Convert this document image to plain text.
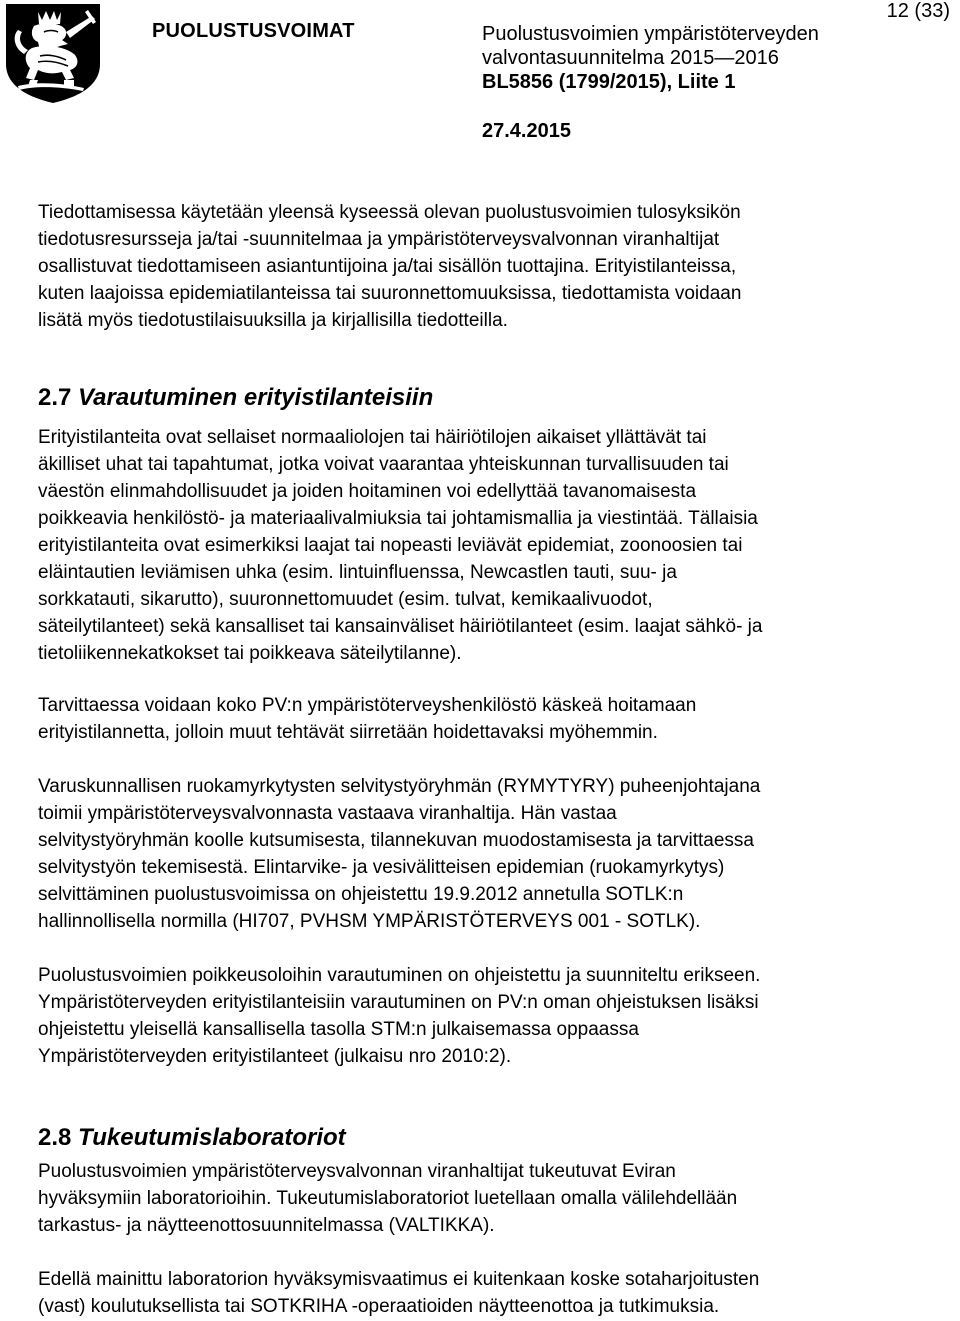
PUOLUSTUSVOIMAT	Puolustusvoimien ympäristöterveyden
valvontasuunnitelma 2015—2016
BL5856 (1799/2015), Liite 1
27.4.2015
12 (33)
Tiedottamisessa käytetään yleensä kyseessä olevan puolustusvoimien tulosyksikön
tiedotusresursseja ja/tai -suunnitelmaa ja ympäristöterveysvalvonnan viranhaltijat
osallistuvat tiedottamiseen asiantuntijoina ja/tai sisällön tuottajina. Erityistilanteissa,
kuten laajoissa epidemiatilanteissa tai suuronnettomuuksissa, tiedottamista voidaan
lisätä myös tiedotustilaisuuksilla ja kirjallisilla tiedotteilla.
2.7 Varautuminen erityistilanteisiin
Erityistilanteita ovat sellaiset normaaliolojen tai häiriötilojen aikaiset yllättävät tai
äkilliset uhat tai tapahtumat, jotka voivat vaarantaa yhteiskunnan turvallisuuden tai
väestön elinmahdollisuudet ja joiden hoitaminen voi edellyttää tavanomaisesta
poikkeavia henkilöstö- ja materiaalivalmiuksia tai johtamismallia ja viestintää. Tällaisia
erityistilanteita ovat esimerkiksi laajat tai nopeasti leviävät epidemiat, zoonoosien tai
eläintautien leviämisen uhka (esim. lintuinfluenssa, Newcastlen tauti, suu- ja
sorkkatauti, sikarutto), suuronnettomuudet (esim. tulvat, kemikaalivuodot,
säteilytilanteet) sekä kansalliset tai kansainväliset häiriötilanteet (esim. laajat sähkö- ja
tietoliikennekatkokset tai poikkeava säteilytilanne).
Tarvittaessa voidaan koko PV:n ympäristöterveyshenkilöstö käskeä hoitamaan
erityistilannetta, jolloin muut tehtävät siirretään hoidettavaksi myöhemmin.
Varuskunnallisen ruokamyrkytysten selvitystyöryhmän (RYMYTYRY) puheenjohtajana
toimii ympäristöterveysvalvonnasta vastaava viranhaltija. Hän vastaa
selvitystyöryhmän koolle kutsumisesta, tilannekuvan muodostamisesta ja tarvittaessa
selvitystyön tekemisestä. Elintarvike- ja vesivälitteisen epidemian (ruokamyrkytys)
selvittäminen puolustusvoimissa on ohjeistettu 19.9.2012 annetulla SOTLK:n
hallinnollisella normilla (HI707, PVHSM YMPÄRISTÖTERVEYS 001 - SOTLK).
Puolustusvoimien poikkeusoloihin varautuminen on ohjeistettu ja suunniteltu erikseen.
Ympäristöterveyden erityistilanteisiin varautuminen on PV:n oman ohjeistuksen lisäksi
ohjeistettu yleisellä kansallisella tasolla STM:n julkaisemassa oppaassa
Ympäristöterveyden erityistilanteet (julkaisu nro 2010:2).
2.8 Tukeutumislaboratoriot
Puolustusvoimien ympäristöterveysvalvonnan viranhaltijat tukeutuvat Eviran
hyväksymiin laboratorioihin. Tukeutumislaboratoriot luetellaan omalla välilehdellään
tarkastus- ja näytteenottosuunnitelmassa (VALTIKKA).
Edellä mainittu laboratorion hyväksymisvaatimus ei kuitenkaan koske sotaharjoitusten
(vast) koulutuksellista tai SOTKRIHA -operaatioiden näytteenottoa ja tutkimuksia.
